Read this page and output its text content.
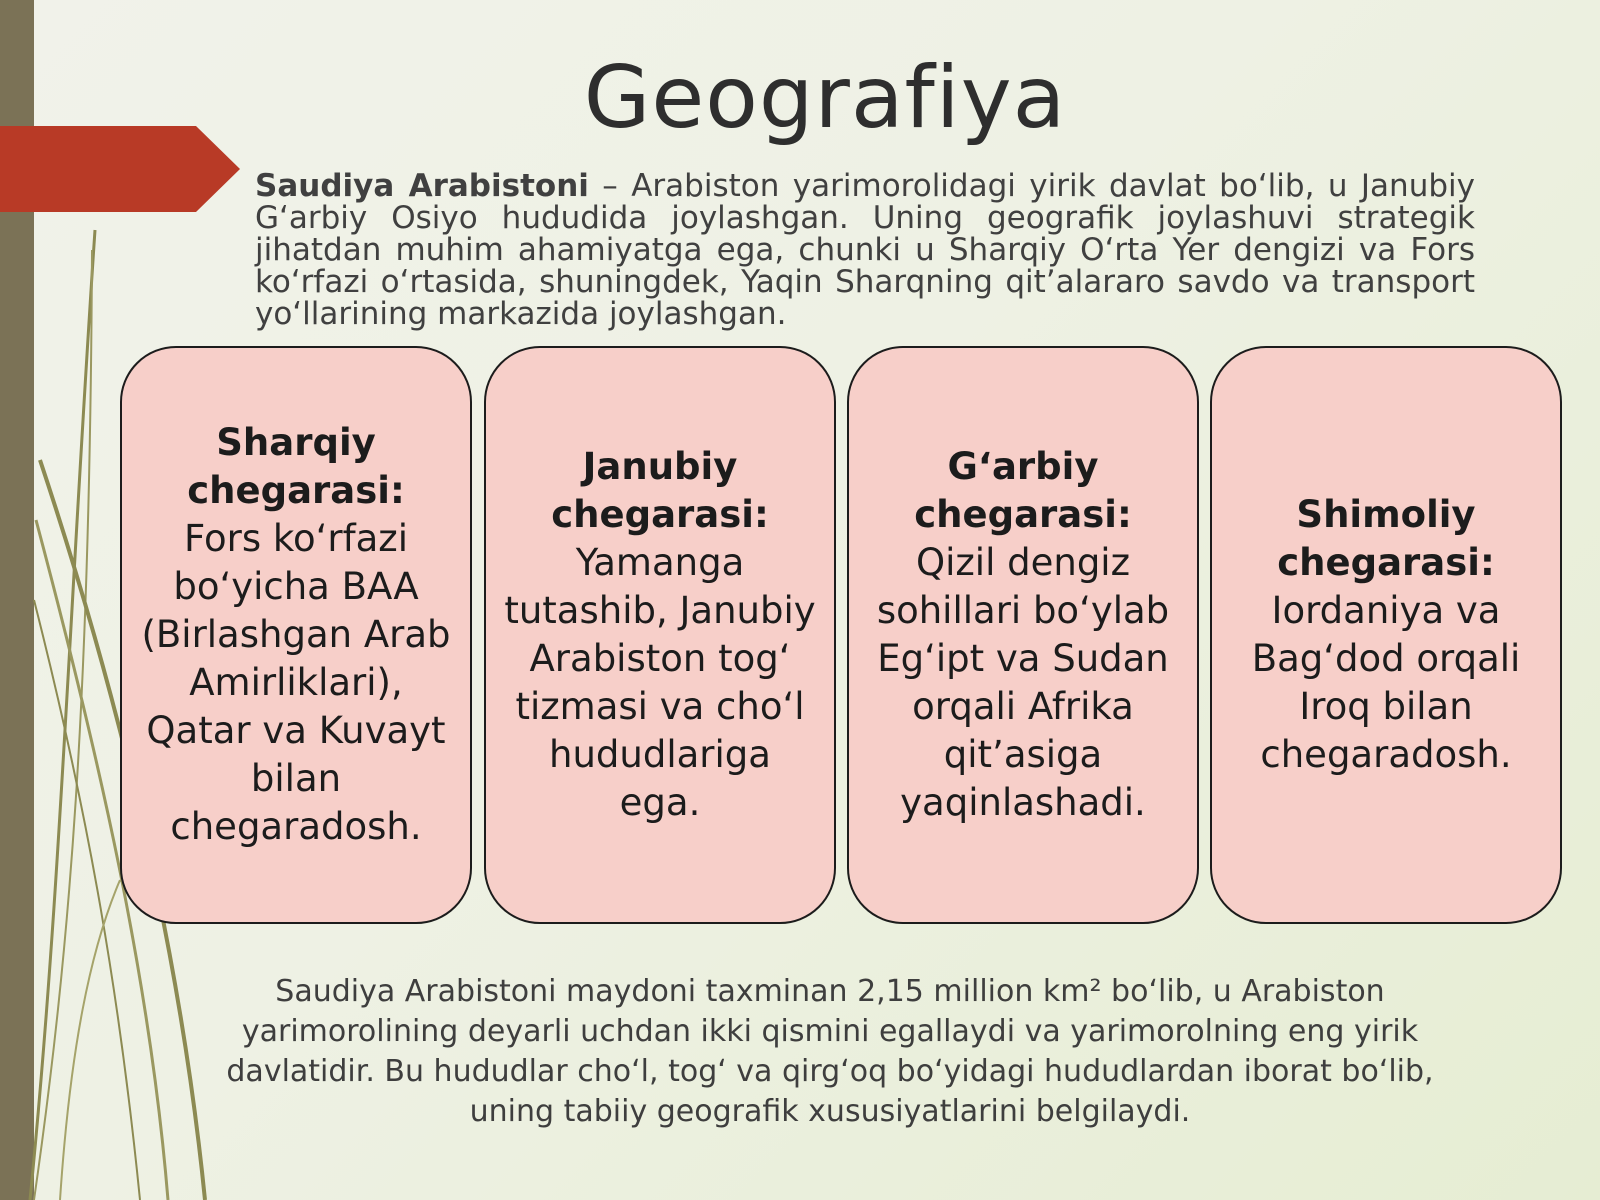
Geografiya
Saudiya Arabistoni – Arabiston yarimorolidagi yirik davlat bo‘lib, u Janubiy G‘arbiy Osiyo hududida joylashgan. Uning geografik joylashuvi strategik jihatdan muhim ahamiyatga ega, chunki u Sharqiy O‘rta Yer dengizi va Fors ko‘rfazi o‘rtasida, shuningdek, Yaqin Sharqning qit’alararo savdo va transport yo‘llarining markazida joylashgan.
Sharqiy chegarasi:
Fors ko‘rfazi bo‘yicha BAA (Birlashgan Arab Amirliklari), Qatar va Kuvayt bilan chegaradosh.
Janubiy chegarasi:
Yamanga tutashib, Janubiy Arabiston tog‘ tizmasi va cho‘l hududlariga ega.
G‘arbiy chegarasi:
Qizil dengiz sohillari bo‘ylab Eg‘ipt va Sudan orqali Afrika qit’asiga yaqinlashadi.
Shimoliy chegarasi:
Iordaniya va Bag‘dod orqali Iroq bilan chegaradosh.
Saudiya Arabistoni maydoni taxminan 2,15 million km² bo‘lib, u Arabiston yarimorolining deyarli uchdan ikki qismini egallaydi va yarimorolning eng yirik davlatidir. Bu hududlar cho‘l, tog‘ va qirg‘oq bo‘yidagi hududlardan iborat bo‘lib, uning tabiiy geografik xususiyatlarini belgilaydi.
